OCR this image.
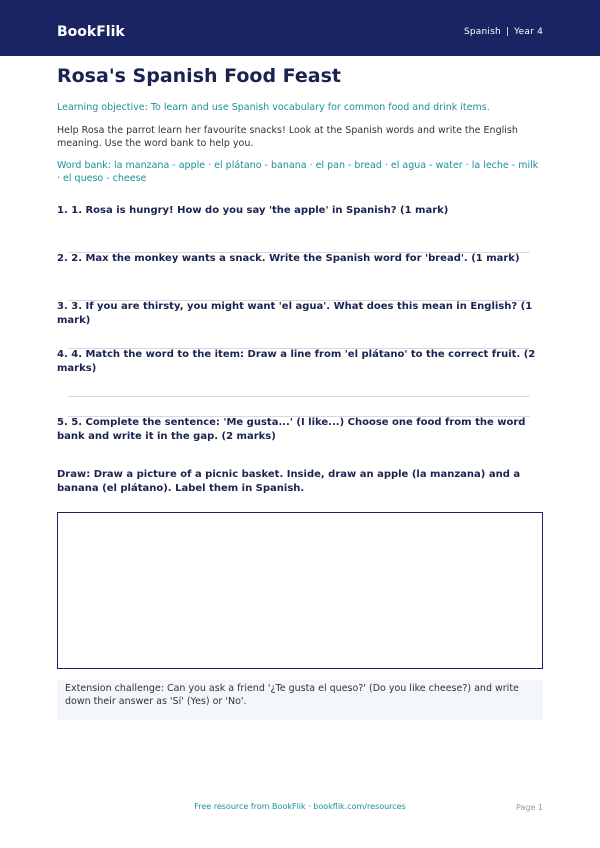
BookFlik	Spanish | Year 4
Rosa's Spanish Food Feast
Learning objective: To learn and use Spanish vocabulary for common food and drink items.
Help Rosa the parrot learn her favourite snacks! Look at the Spanish words and write the English meaning. Use the word bank to help you.
Word bank: la manzana - apple · el plátano - banana · el pan - bread · el agua - water · la leche - milk · el queso - cheese
1. 1. Rosa is hungry! How do you say 'the apple' in Spanish? (1 mark)
2. 2. Max the monkey wants a snack. Write the Spanish word for 'bread'. (1 mark)
3. 3. If you are thirsty, you might want 'el agua'. What does this mean in English? (1 mark)
4. 4. Match the word to the item: Draw a line from 'el plátano' to the correct fruit. (2 marks)
5. 5. Complete the sentence: 'Me gusta...' (I like...) Choose one food from the word bank and write it in the gap. (2 marks)
Draw: Draw a picture of a picnic basket. Inside, draw an apple (la manzana) and a banana (el plátano). Label them in Spanish.
Extension challenge: Can you ask a friend '¿Te gusta el queso?' (Do you like cheese?) and write down their answer as 'Sí' (Yes) or 'No'.
Free resource from BookFlik · bookflik.com/resources	Page 1
